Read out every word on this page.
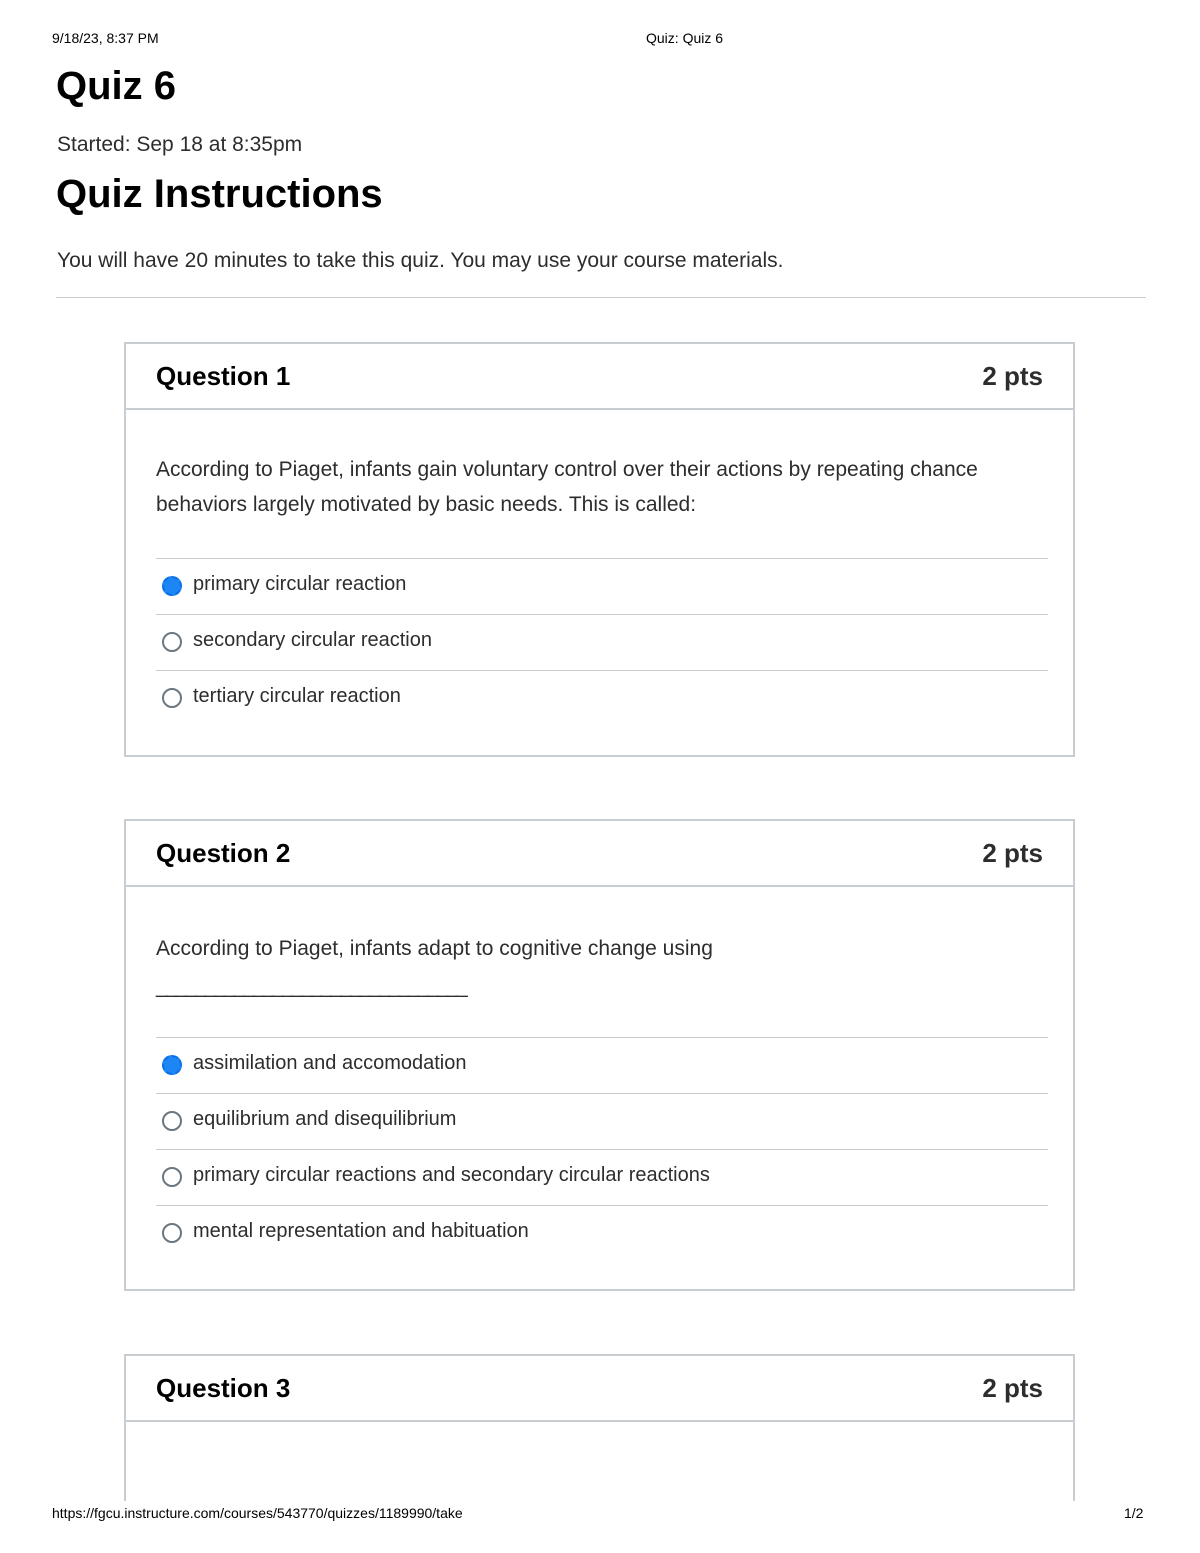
9/18/23, 8:37 PM	Quiz: Quiz 6
Quiz 6
Started: Sep 18 at 8:35pm
Quiz Instructions
You will have 20 minutes to take this quiz. You may use your course materials.
Question 1	2 pts
According to Piaget, infants gain voluntary control over their actions by repeating chance behaviors largely motivated by basic needs. This is called:
primary circular reaction
secondary circular reaction
tertiary circular reaction
Question 2	2 pts
According to Piaget, infants adapt to cognitive change using
________________________________
assimilation and accomodation
equilibrium and disequilibrium
primary circular reactions and secondary circular reactions
mental representation and habituation
Question 3	2 pts
https://fgcu.instructure.com/courses/543770/quizzes/1189990/take	1/2
